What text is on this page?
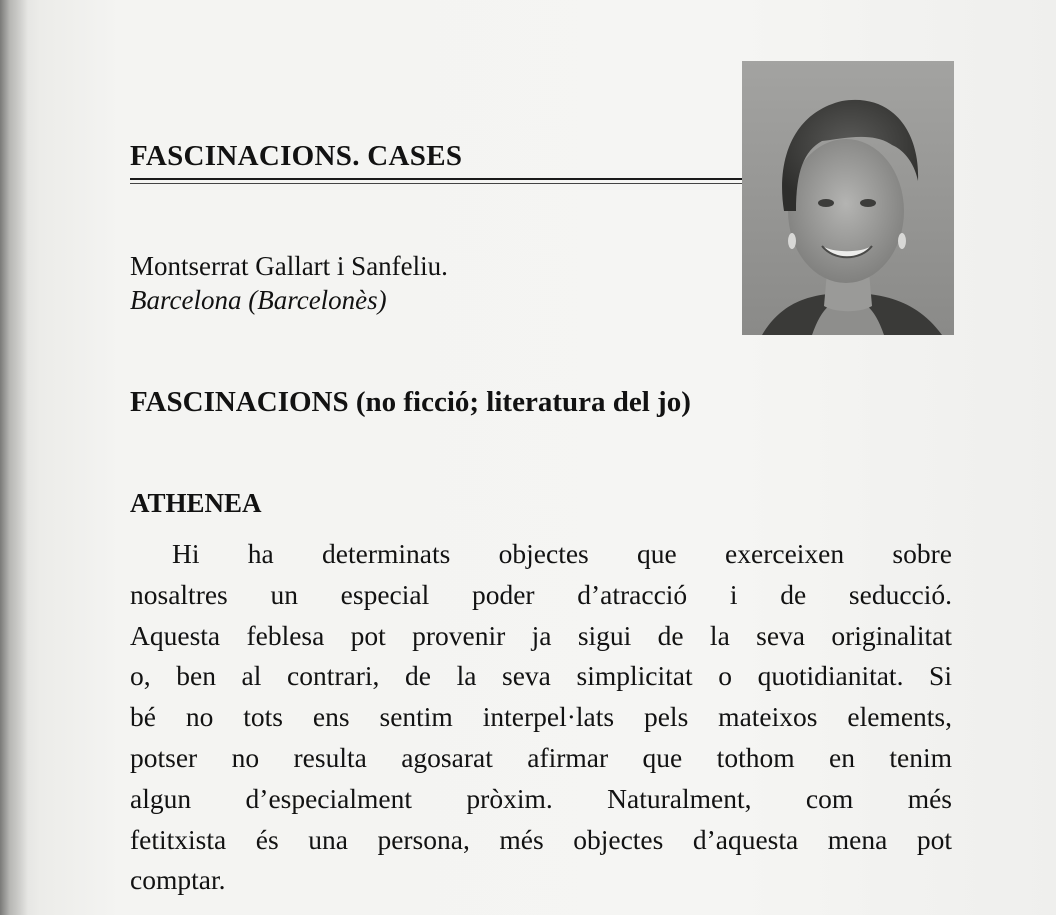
FASCINACIONS. CASES

Montserrat Gallart i Sanfeliu.

Barcelona (Barcelonès)

FASCINACIONS (no ficció; literatura del jo)
ATHENEA

Hi ha determinats objectes que exerceixen sobre
nosaltres un especial poder d’atracció i de seducció.
Aquesta feblesa pot provenir ja sigui de la seva originalitat
o, ben al contrari, de la seva simplicitat o quotidianitat. Si
bé no tots ens sentim interpel·lats pels mateixos elements,
potser no resulta agosarat afirmar que tothom en tenim
algun d’especialment pròxim. Naturalment, com més
fetitxista és una persona, més objectes d’aquesta mena pot
comptar.
